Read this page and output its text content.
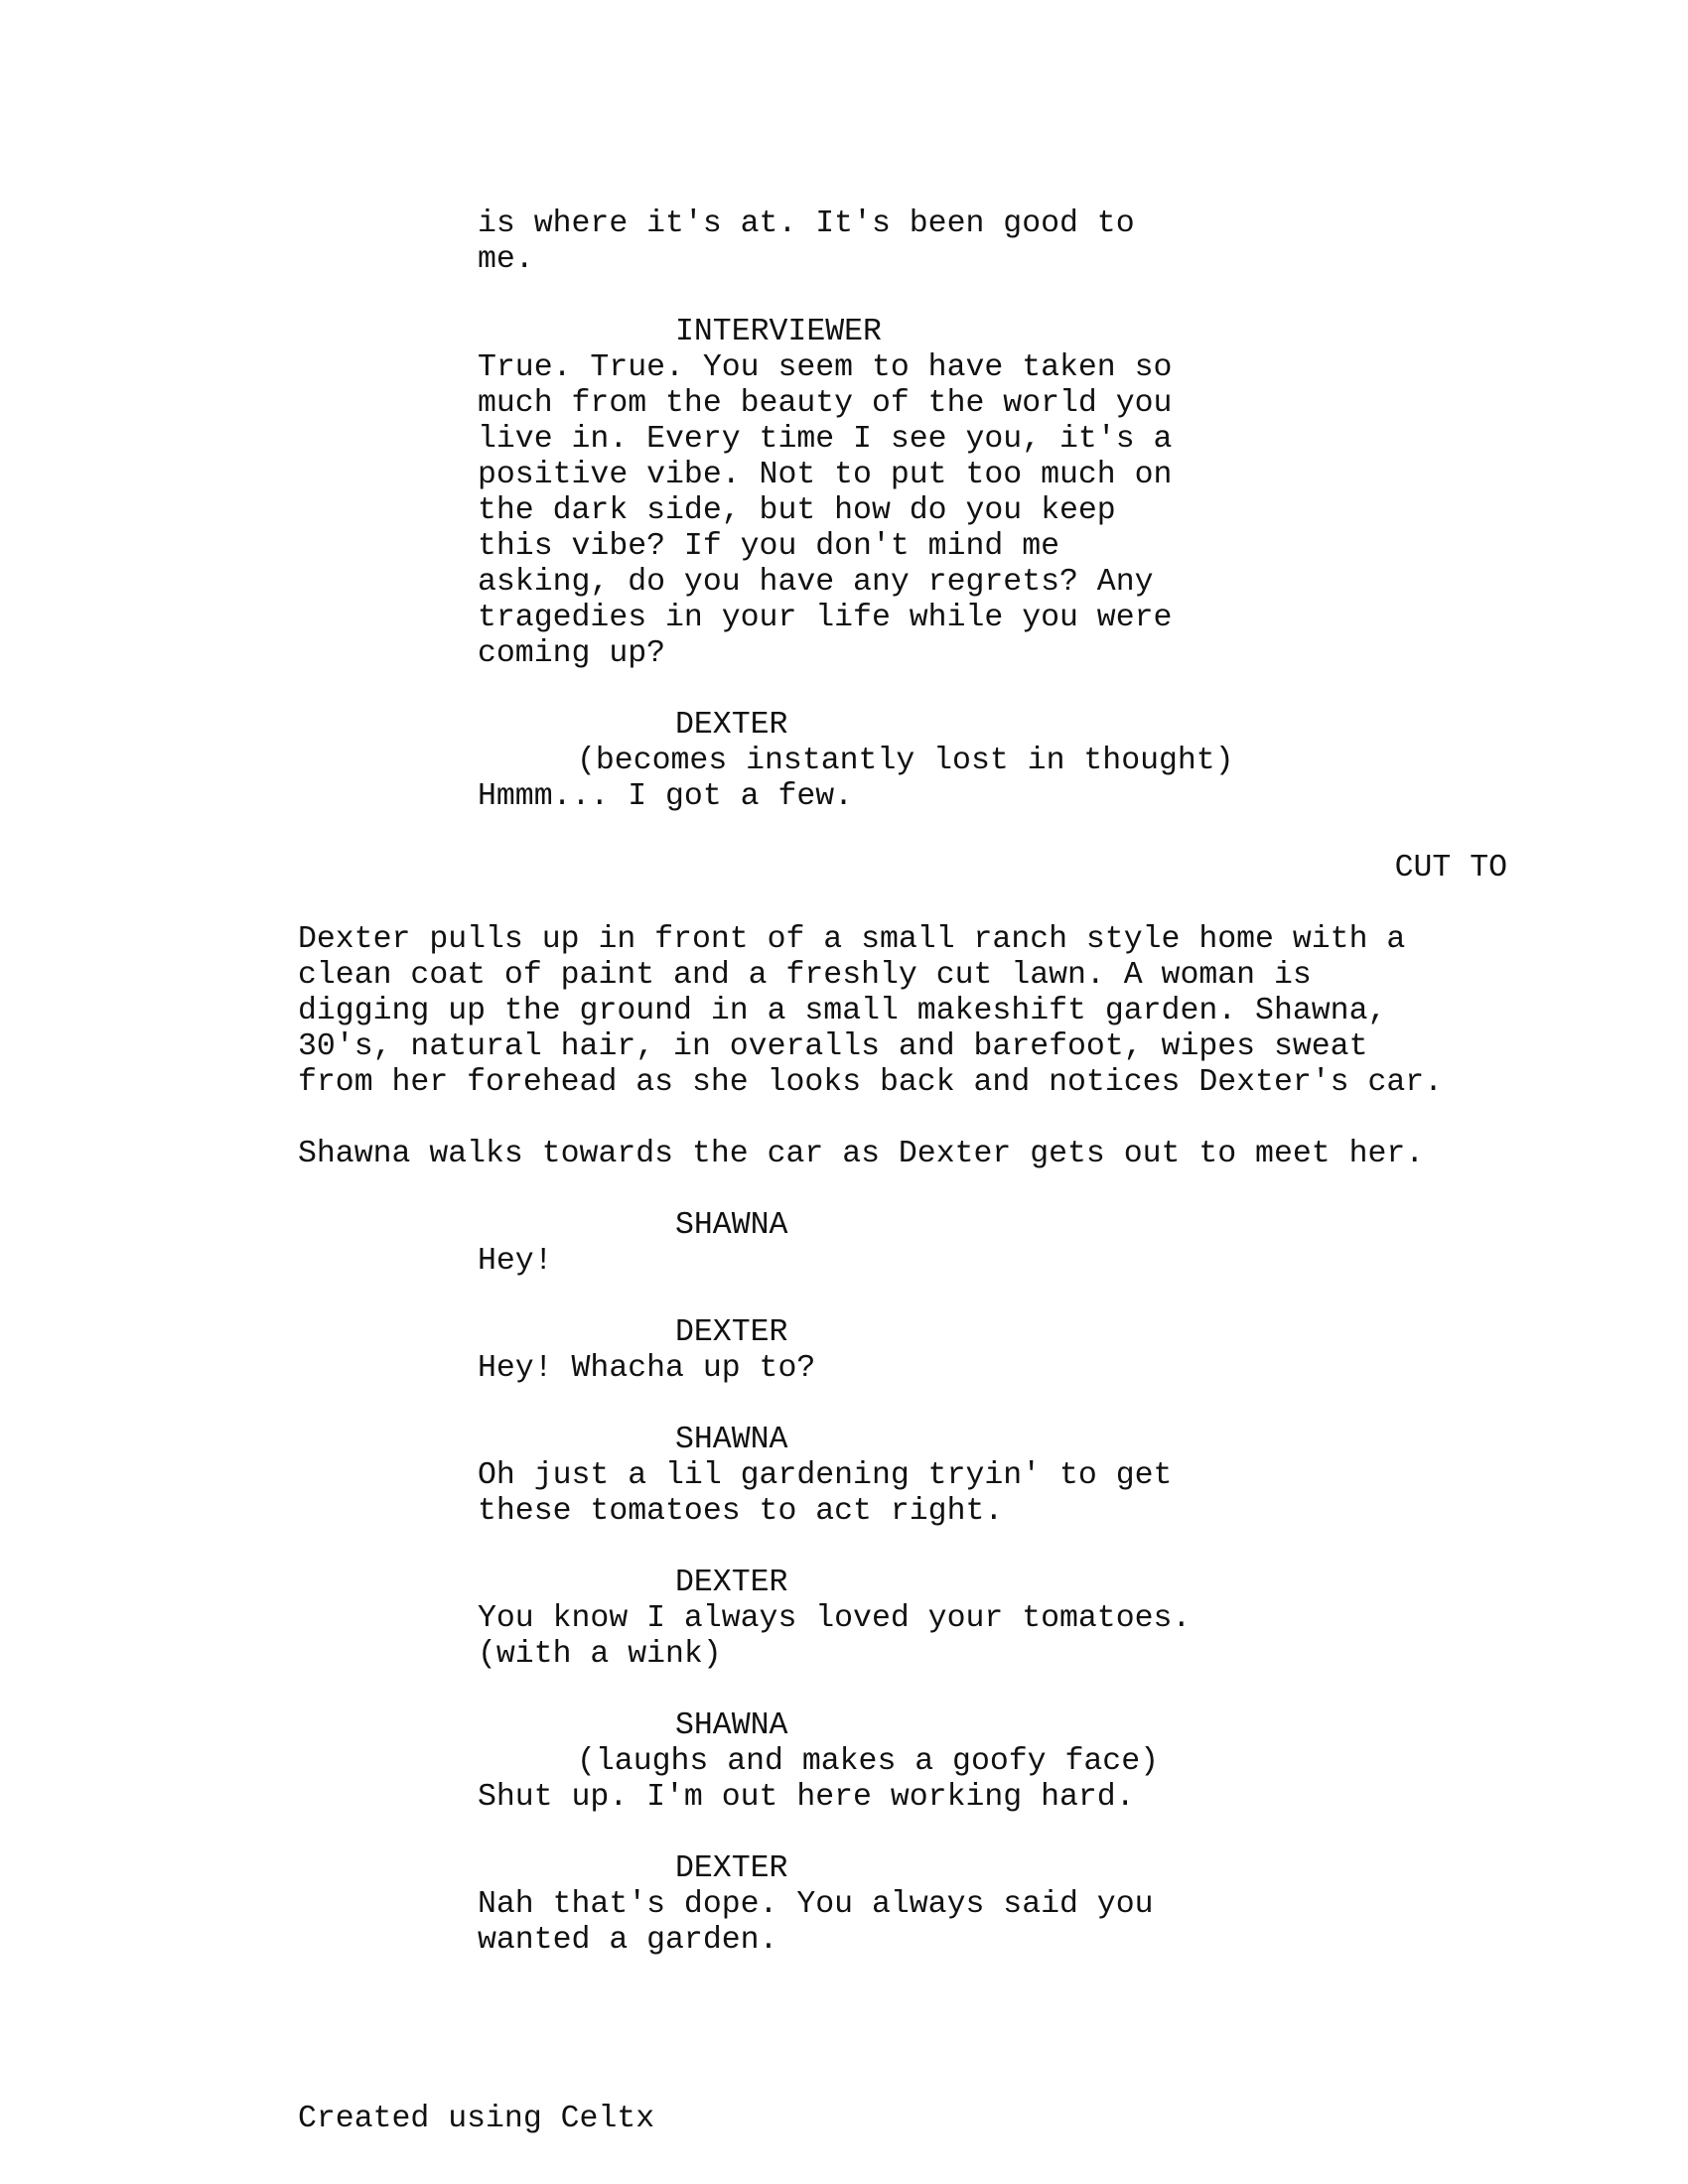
is where it's at. It's been good to
me.
INTERVIEWER
True. True. You seem to have taken so
much from the beauty of the world you
live in. Every time I see you, it's a
positive vibe. Not to put too much on
the dark side, but how do you keep
this vibe? If you don't mind me
asking, do you have any regrets? Any
tragedies in your life while you were
coming up?
DEXTER
(becomes instantly lost in thought)
Hmmm... I got a few.
CUT TO
Dexter pulls up in front of a small ranch style home with a
clean coat of paint and a freshly cut lawn. A woman is
digging up the ground in a small makeshift garden. Shawna,
30's, natural hair, in overalls and barefoot, wipes sweat
from her forehead as she looks back and notices Dexter's car.
Shawna walks towards the car as Dexter gets out to meet her.
SHAWNA
Hey!
DEXTER
Hey! Whacha up to?
SHAWNA
Oh just a lil gardening tryin' to get
these tomatoes to act right.
DEXTER
You know I always loved your tomatoes.
(with a wink)
SHAWNA
(laughs and makes a goofy face)
Shut up. I'm out here working hard.
DEXTER
Nah that's dope. You always said you
wanted a garden.
Created using Celtx
